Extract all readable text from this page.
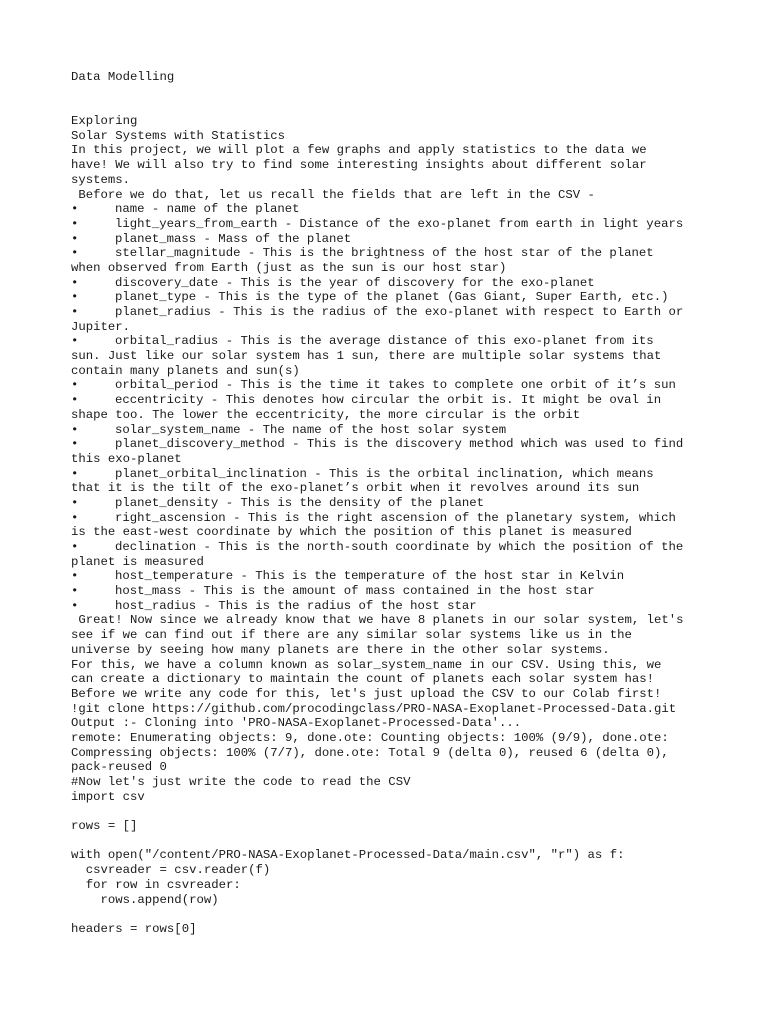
Data Modelling
Exploring
Solar Systems with Statistics
In this project, we will plot a few graphs and apply statistics to the data we
have! We will also try to find some interesting insights about different solar
systems.
Before we do that, let us recall the fields that are left in the CSV -
•	name - name of the planet
•	light_years_from_earth - Distance of the exo-planet from earth in light years
•	planet_mass - Mass of the planet
•	stellar_magnitude - This is the brightness of the host star of the planet
when observed from Earth (just as the sun is our host star)
•	discovery_date - This is the year of discovery for the exo-planet
•	planet_type - This is the type of the planet (Gas Giant, Super Earth, etc.)
•	planet_radius - This is the radius of the exo-planet with respect to Earth or
Jupiter.
•	orbital_radius - This is the average distance of this exo-planet from its
sun. Just like our solar system has 1 sun, there are multiple solar systems that
contain many planets and sun(s)
•	orbital_period - This is the time it takes to complete one orbit of it’s sun
•	eccentricity - This denotes how circular the orbit is. It might be oval in
shape too. The lower the eccentricity, the more circular is the orbit
•	solar_system_name - The name of the host solar system
•	planet_discovery_method - This is the discovery method which was used to find
this exo-planet
•	planet_orbital_inclination - This is the orbital inclination, which means
that it is the tilt of the exo-planet’s orbit when it revolves around its sun
•	planet_density - This is the density of the planet
•	right_ascension - This is the right ascension of the planetary system, which
is the east-west coordinate by which the position of this planet is measured
•	declination - This is the north-south coordinate by which the position of the
planet is measured
•	host_temperature - This is the temperature of the host star in Kelvin
•	host_mass - This is the amount of mass contained in the host star
•	host_radius - This is the radius of the host star
Great! Now since we already know that we have 8 planets in our solar system, let's
see if we can find out if there are any similar solar systems like us in the
universe by seeing how many planets are there in the other solar systems.
For this, we have a column known as solar_system_name in our CSV. Using this, we
can create a dictionary to maintain the count of planets each solar system has!
Before we write any code for this, let's just upload the CSV to our Colab first!
!git clone https://github.com/procodingclass/PRO-NASA-Exoplanet-Processed-Data.git
Output :- Cloning into 'PRO-NASA-Exoplanet-Processed-Data'...
remote: Enumerating objects: 9, done.ote: Counting objects: 100% (9/9), done.ote:
Compressing objects: 100% (7/7), done.ote: Total 9 (delta 0), reused 6 (delta 0),
pack-reused 0
#Now let's just write the code to read the CSV
import csv
rows = []
with open("/content/PRO-NASA-Exoplanet-Processed-Data/main.csv", "r") as f:
csvreader = csv.reader(f)
for row in csvreader:
rows.append(row)
headers = rows[0]
